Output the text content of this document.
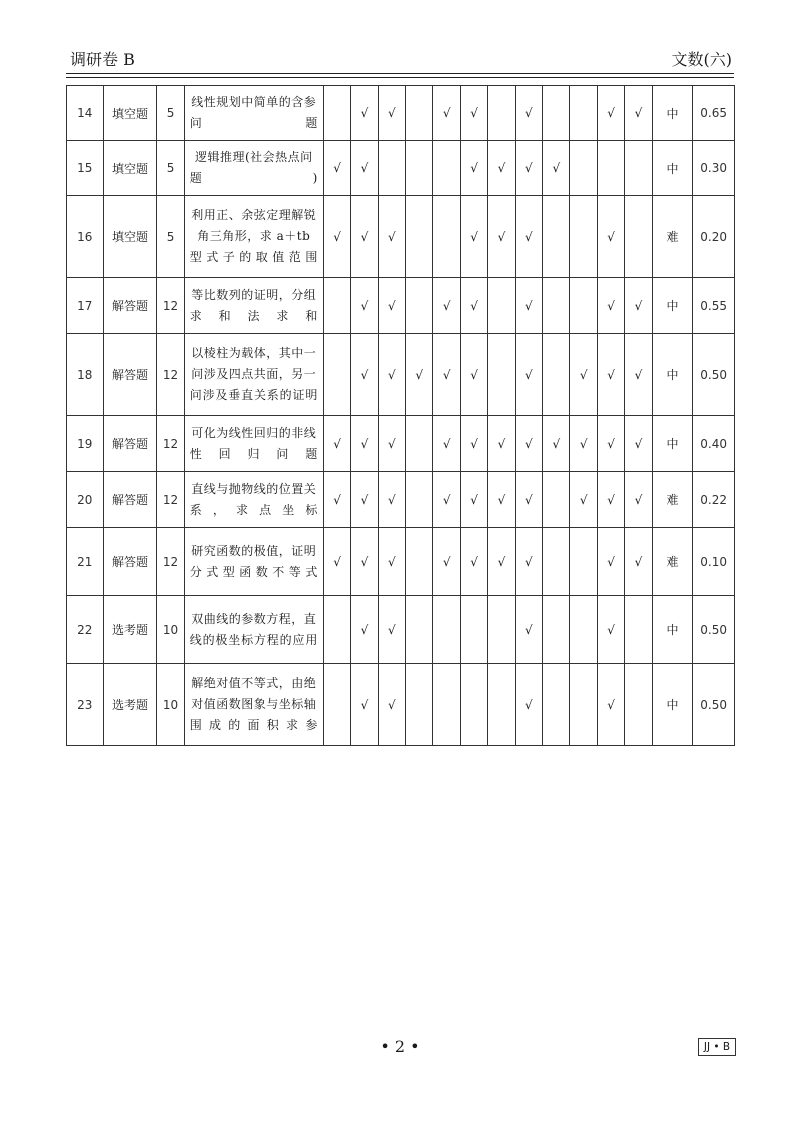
调研卷 B	文数(六)
14	填空题	5	线性规划中简单的含参问题		√	√		√	√		√			√	√	中	0.65
15	填空题	5	逻辑推理(社会热点问题)	√	√				√	√	√	√				中	0.30
16	填空题	5	利用正、余弦定理解锐角三角形，求 a＋tb 型式子的取值范围	√	√	√			√	√	√			√		难	0.20
17	解答题	12	等比数列的证明，分组求和法求和		√	√		√	√		√			√	√	中	0.55
18	解答题	12	以棱柱为载体，其中一问涉及四点共面，另一问涉及垂直关系的证明		√	√	√	√	√		√		√	√	√	中	0.50
19	解答题	12	可化为线性回归的非线性回归问题	√	√	√		√	√	√	√	√	√	√	√	中	0.40
20	解答题	12	直线与抛物线的位置关系，求点坐标	√	√	√		√	√	√	√		√	√	√	难	0.22
21	解答题	12	研究函数的极值，证明分式型函数不等式	√	√	√		√	√	√	√			√	√	难	0.10
22	选考题	10	双曲线的参数方程，直线的极坐标方程的应用		√	√					√			√		中	0.50
23	选考题	10	解绝对值不等式，由绝对值函数图象与坐标轴围成的面积求参		√	√					√			√		中	0.50
• 2 •	JJ • B
